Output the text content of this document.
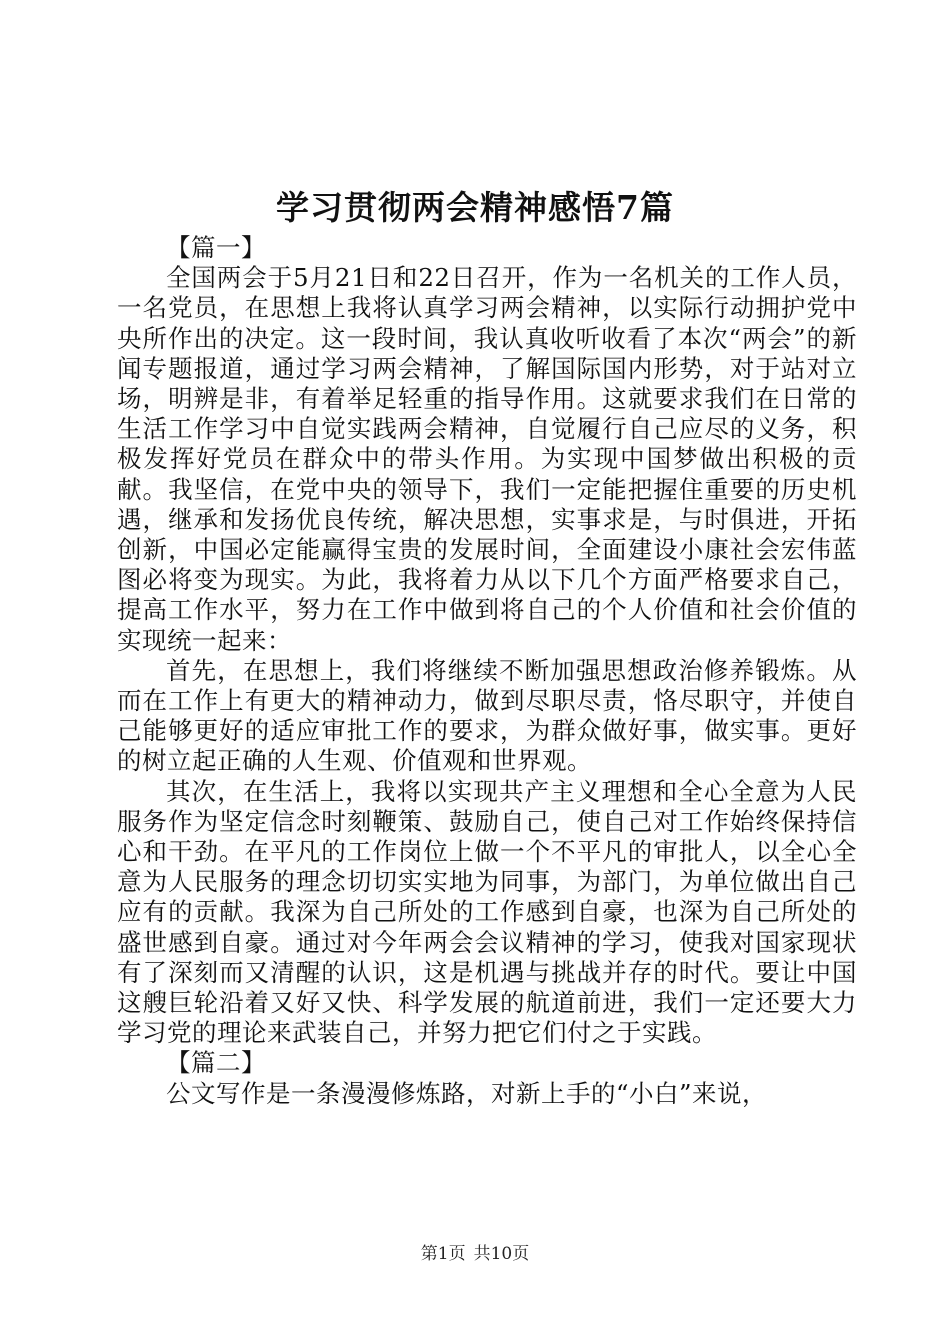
学习贯彻两会精神感悟7篇

【篇一】

全国两会于5月21日和22日召开，作为一名机关的工作人员，一名党员，在思想上我将认真学习两会精神，以实际行动拥护党中央所作出的决定。这一段时间，我认真收听收看了本次“两会”的新闻专题报道，通过学习两会精神，了解国际国内形势，对于站对立场，明辨是非，有着举足轻重的指导作用。这就要求我们在日常的生活工作学习中自觉实践两会精神，自觉履行自己应尽的义务，积极发挥好党员在群众中的带头作用。为实现中国梦做出积极的贡献。我坚信，在党中央的领导下，我们一定能把握住重要的历史机遇，继承和发扬优良传统，解决思想，实事求是，与时俱进，开拓创新，中国必定能赢得宝贵的发展时间，全面建设小康社会宏伟蓝图必将变为现实。为此，我将着力从以下几个方面严格要求自己，提高工作水平，努力在工作中做到将自己的个人价值和社会价值的实现统一起来：

首先，在思想上，我们将继续不断加强思想政治修养锻炼。从而在工作上有更大的精神动力，做到尽职尽责，恪尽职守，并使自己能够更好的适应审批工作的要求，为群众做好事，做实事。更好的树立起正确的人生观、价值观和世界观。

其次，在生活上，我将以实现共产主义理想和全心全意为人民服务作为坚定信念时刻鞭策、鼓励自己，使自己对工作始终保持信心和干劲。在平凡的工作岗位上做一个不平凡的审批人，以全心全意为人民服务的理念切切实实地为同事，为部门，为单位做出自己应有的贡献。我深为自己所处的工作感到自豪，也深为自己所处的盛世感到自豪。通过对今年两会会议精神的学习，使我对国家现状有了深刻而又清醒的认识，这是机遇与挑战并存的时代。要让中国这艘巨轮沿着又好又快、科学发展的航道前进，我们一定还要大力学习党的理论来武装自己，并努力把它们付之于实践。

【篇二】

公文写作是一条漫漫修炼路，对新上手的“小白”来说，

第1页 共10页
